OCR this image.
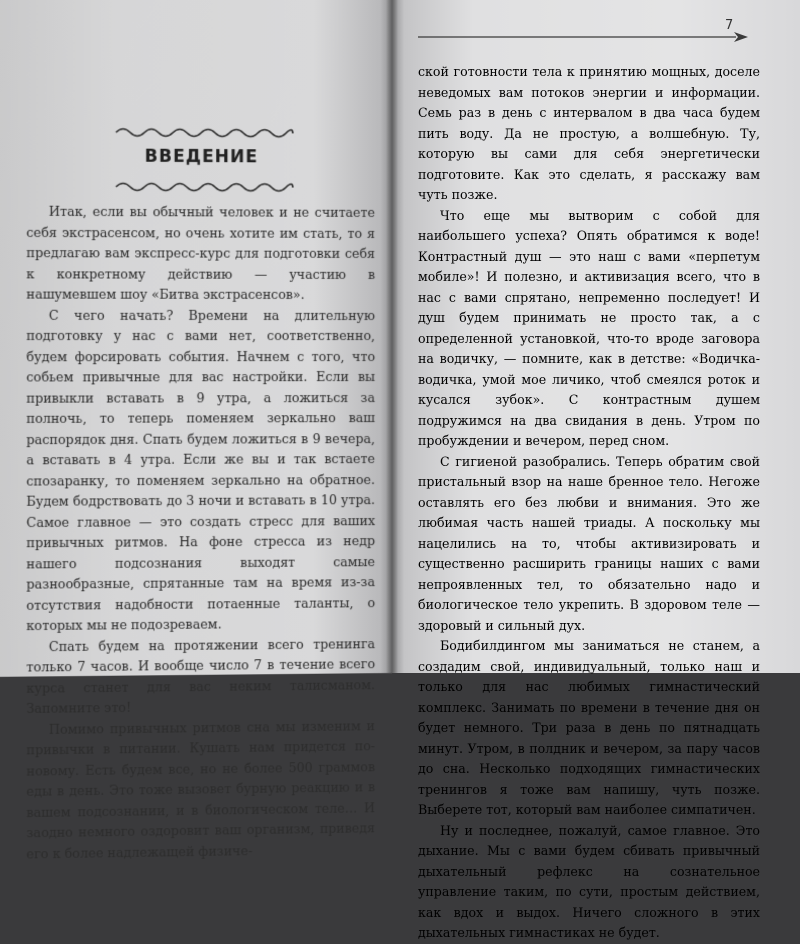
ВВЕДЕНИЕ

Итак, если вы обычный человек и не считаете себя экстрасенсом, но очень хотите им стать, то я предлагаю вам экспресс-курс для подготовки себя к конкретному действию — участию в нашумевшем шоу «Битва экстрасенсов».

С чего начать? Времени на длительную подготовку у нас с вами нет, соответственно, будем форсировать события. Начнем с того, что собьем привычные для вас настройки. Если вы привыкли вставать в 9 утра, а ложиться за полночь, то теперь поменяем зеркально ваш распорядок дня. Спать будем ложиться в 9 вечера, а вставать в 4 утра. Если же вы и так встаете спозаранку, то поменяем зеркально на обратное. Будем бодрствовать до 3 ночи и вставать в 10 утра. Самое главное — это создать стресс для ваших привычных ритмов. На фоне стресса из недр нашего подсознания выходят самые разнообразные, спрятанные там на время из-за отсутствия надобности потаенные таланты, о которых мы не подозреваем.

Спать будем на протяжении всего тренинга только 7 часов. И вообще число 7 в течение всего курса станет для вас неким талисманом. Запомните это!

Помимо привычных ритмов сна мы изменим и привычки в питании. Кушать нам придется по-новому. Есть будем все, но не более 500 граммов еды в день. Это тоже вызовет бурную реакцию и в вашем подсознании, и в биологическом теле… И заодно немного оздоровит ваш организм, приведя его к более надлежащей физиче-

7

ской готовности тела к принятию мощных, доселе неведомых вам потоков энергии и информации. Семь раз в день с интервалом в два часа будем пить воду. Да не простую, а волшебную. Ту, которую вы сами для себя энергетически подготовите. Как это сделать, я расскажу вам чуть позже.

Что еще мы вытворим с собой для наибольшего успеха? Опять обратимся к воде! Контрастный душ — это наш с вами «перпетум мобиле»! И полезно, и активизация всего, что в нас с вами спрятано, непременно последует! И душ будем принимать не просто так, а с определенной установкой, что-то вроде заговора на водичку, — помните, как в детстве: «Водичка-водичка, умой мое личико, чтоб смеялся роток и кусался зубок». С контрастным душем подружимся на два свидания в день. Утром по пробуждении и вечером, перед сном.

С гигиеной разобрались. Теперь обратим свой пристальный взор на наше бренное тело. Негоже оставлять его без любви и внимания. Это же любимая часть нашей триады. А поскольку мы нацелились на то, чтобы активизировать и существенно расширить границы наших с вами непроявленных тел, то обязательно надо и биологическое тело укрепить. В здоровом теле — здоровый и сильный дух.

Бодибилдингом мы заниматься не станем, а создадим свой, индивидуальный, только наш и только для нас любимых гимнастический комплекс. Занимать по времени в течение дня он будет немного. Три раза в день по пятнадцать минут. Утром, в полдник и вечером, за пару часов до сна. Несколько подходящих гимнастических тренингов я тоже вам напишу, чуть позже. Выберете тот, который вам наиболее симпатичен.

Ну и последнее, пожалуй, самое главное. Это дыхание. Мы с вами будем сбивать привычный дыхательный рефлекс на сознательное управление таким, по сути, простым действием, как вдох и выдох. Ничего сложного в этих дыхательных гимнастиках не будет.
